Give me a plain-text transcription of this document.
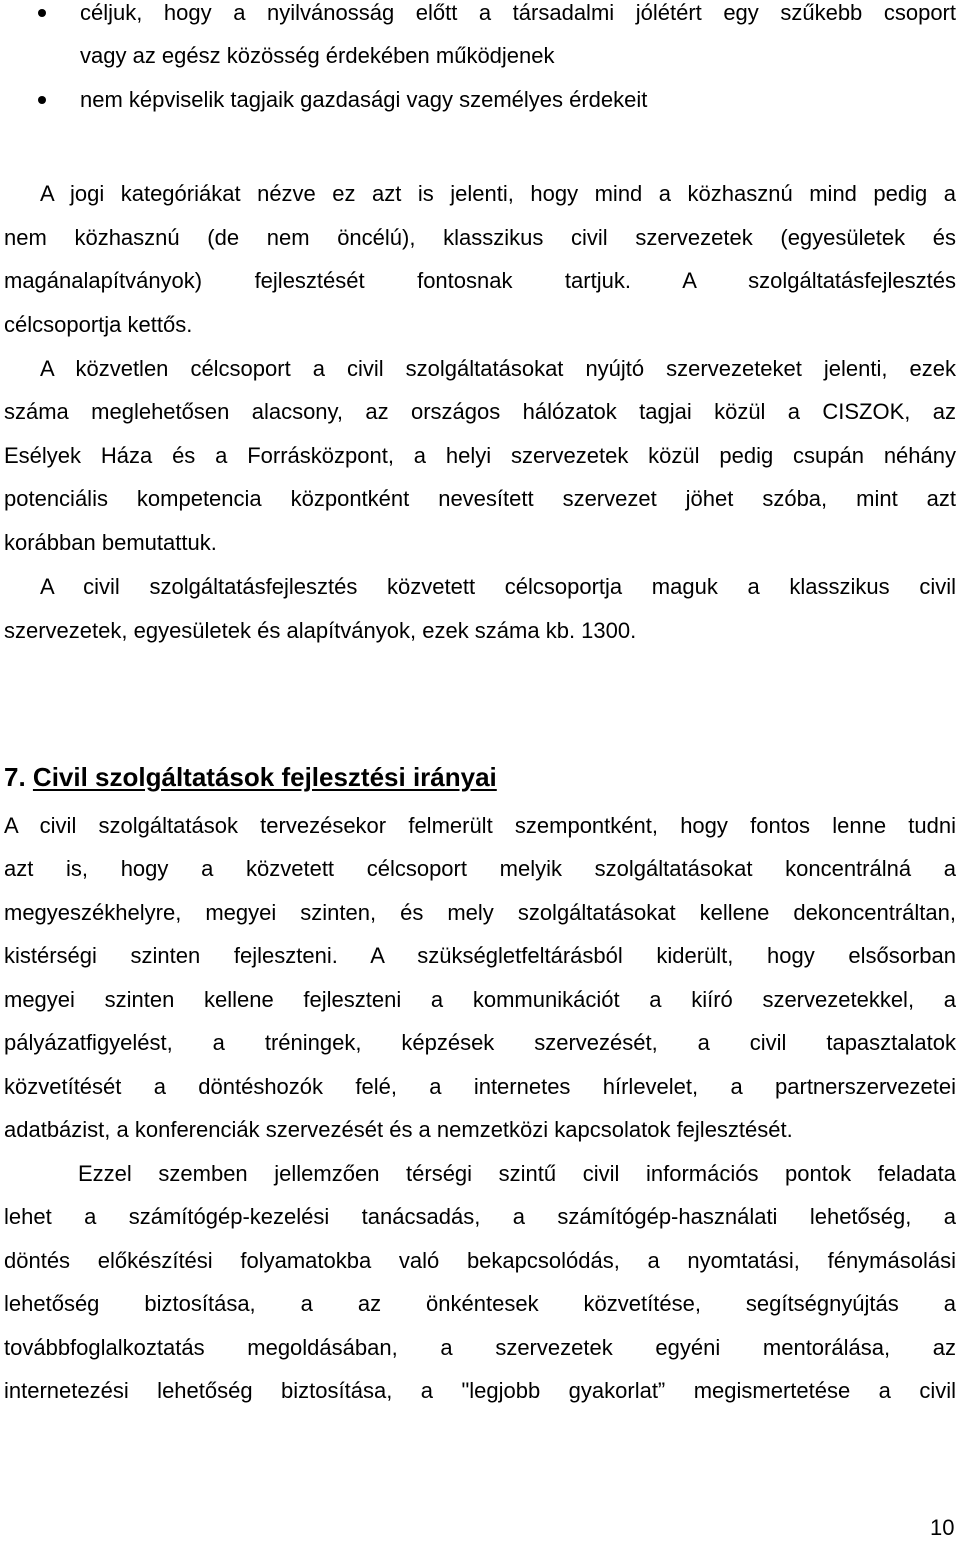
céljuk, hogy a nyilvánosság előtt a társadalmi jólétért egy szűkebb csoport
vagy az egész közösség érdekében működjenek
nem képviselik tagjaik gazdasági vagy személyes érdekeit
A jogi kategóriákat nézve ez azt is jelenti, hogy mind a közhasznú mind pedig a
nem közhasznú (de nem öncélú), klasszikus civil szervezetek (egyesületek és
magánalapítványok) fejlesztését fontosnak tartjuk. A szolgáltatásfejlesztés
célcsoportja kettős.
A közvetlen célcsoport a civil szolgáltatásokat nyújtó szervezeteket jelenti, ezek
száma meglehetősen alacsony, az országos hálózatok tagjai közül a CISZOK, az
Esélyek Háza és a Forrásközpont, a helyi szervezetek közül pedig csupán néhány
potenciális kompetencia központként nevesített szervezet jöhet szóba, mint azt
korábban bemutattuk.
A civil szolgáltatásfejlesztés közvetett célcsoportja maguk a klasszikus civil
szervezetek, egyesületek és alapítványok, ezek száma kb. 1300.
7. Civil szolgáltatások fejlesztési irányai
A civil szolgáltatások tervezésekor felmerült szempontként, hogy fontos lenne tudni
azt is, hogy a közvetett célcsoport melyik szolgáltatásokat koncentrálná a
megyeszékhelyre, megyei szinten, és mely szolgáltatásokat kellene dekoncentráltan,
kistérségi szinten fejleszteni. A szükségletfeltárásból kiderült, hogy elsősorban
megyei szinten kellene fejleszteni a kommunikációt a kiíró szervezetekkel, a
pályázatfigyelést, a tréningek, képzések szervezését, a civil tapasztalatok
közvetítését a döntéshozók felé, a internetes hírlevelet, a partnerszervezetei
adatbázist, a konferenciák szervezését és a nemzetközi kapcsolatok fejlesztését.
Ezzel szemben jellemzően térségi szintű civil információs pontok feladata
lehet a számítógép-kezelési tanácsadás, a számítógép-használati lehetőség, a
döntés előkészítési folyamatokba való bekapcsolódás, a nyomtatási, fénymásolási
lehetőség biztosítása, a az önkéntesek közvetítése, segítségnyújtás a
továbbfoglalkoztatás megoldásában, a szervezetek egyéni mentorálása, az
internetezési lehetőség biztosítása, a "legjobb gyakorlat” megismertetése a civil
10
